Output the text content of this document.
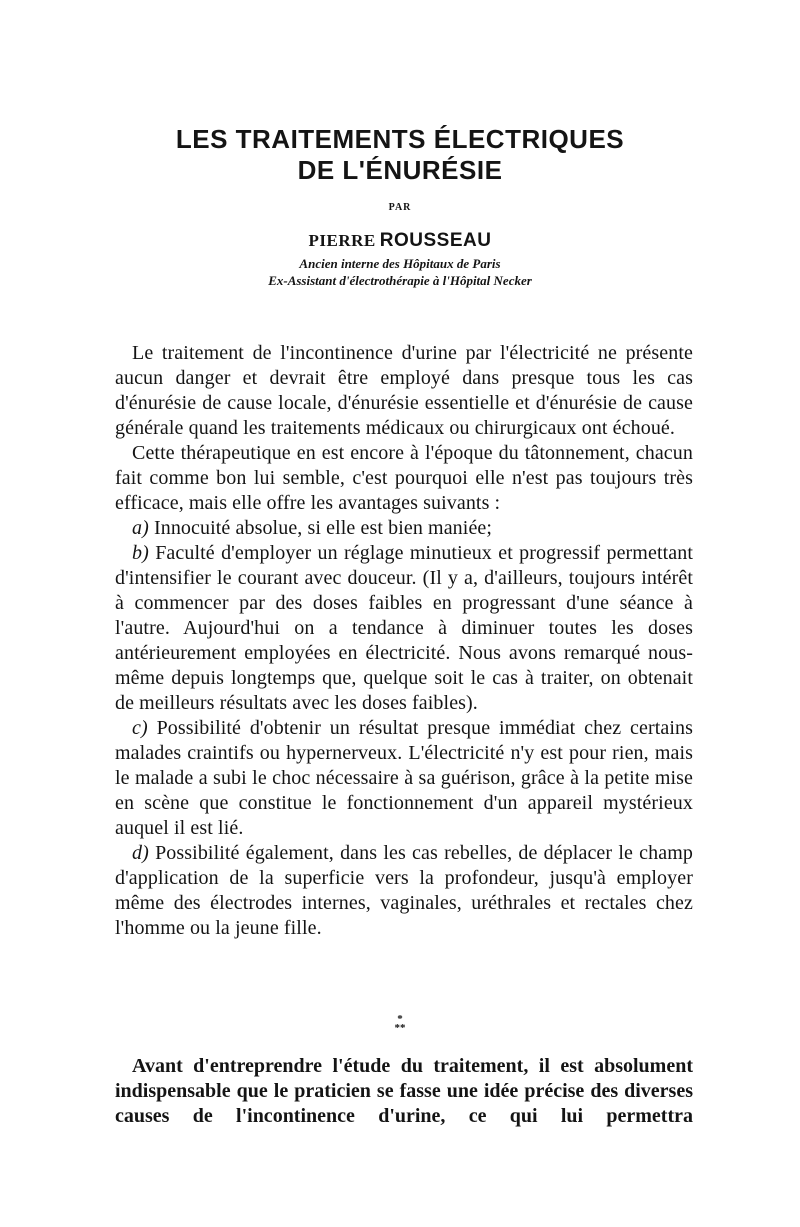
LES TRAITEMENTS ÉLECTRIQUES
DE L'ÉNURÉSIE
PAR
PIERRE ROUSSEAU
Ancien interne des Hôpitaux de Paris
Ex-Assistant d'électrothérapie à l'Hôpital Necker

Le traitement de l'incontinence d'urine par l'électricité ne présente aucun danger et devrait être employé dans presque tous les cas d'énurésie de cause locale, d'énurésie essentielle et d'énurésie de cause générale quand les traitements médicaux ou chirurgicaux ont échoué.

Cette thérapeutique en est encore à l'époque du tâtonnement, chacun fait comme bon lui semble, c'est pourquoi elle n'est pas toujours très efficace, mais elle offre les avantages suivants :

a) Innocuité absolue, si elle est bien maniée;

b) Faculté d'employer un réglage minutieux et progressif permettant d'intensifier le courant avec douceur. (Il y a, d'ailleurs, toujours intérêt à commencer par des doses faibles en progressant d'une séance à l'autre. Aujourd'hui on a tendance à diminuer toutes les doses antérieurement employées en électricité. Nous avons remarqué nous-même depuis longtemps que, quelque soit le cas à traiter, on obtenait de meilleurs résultats avec les doses faibles).

c) Possibilité d'obtenir un résultat presque immédiat chez certains malades craintifs ou hypernerveux. L'électricité n'y est pour rien, mais le malade a subi le choc nécessaire à sa guérison, grâce à la petite mise en scène que constitue le fonctionnement d'un appareil mystérieux auquel il est lié.

d) Possibilité également, dans les cas rebelles, de déplacer le champ d'application de la superficie vers la profondeur, jusqu'à employer même des électrodes internes, vaginales, uréthrales et rectales chez l'homme ou la jeune fille.

*
**

Avant d'entreprendre l'étude du traitement, il est absolument indispensable que le praticien se fasse une idée précise des diverses causes de l'incontinence d'urine, ce qui lui permettra
